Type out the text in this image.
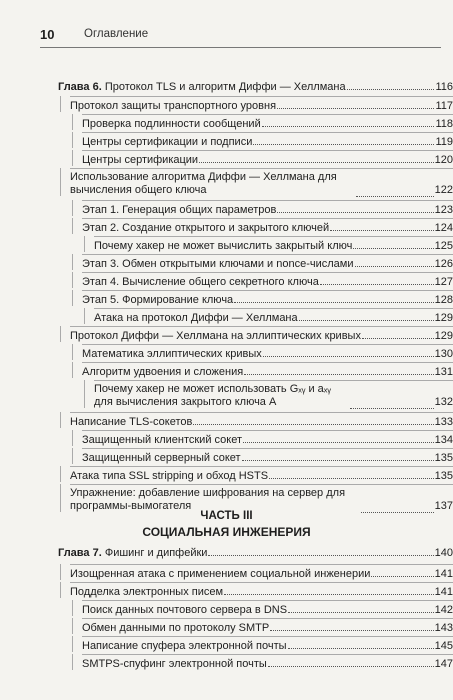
10	Оглавление
Глава 6. Протокол TLS и алгоритм Диффи — Хеллмана	116
Протокол защиты транспортного уровня	117
Проверка подлинности сообщений	118
Центры сертификации и подписи	119
Центры сертификации	120
Использование алгоритма Диффи — Хеллмана для вычисления общего ключа	122
Этап 1. Генерация общих параметров	123
Этап 2. Создание открытого и закрытого ключей	124
Почему хакер не может вычислить закрытый ключ	125
Этап 3. Обмен открытыми ключами и nonce-числами	126
Этап 4. Вычисление общего секретного ключа	127
Этап 5. Формирование ключа	128
Атака на протокол Диффи — Хеллмана	129
Протокол Диффи — Хеллмана на эллиптических кривых	129
Математика эллиптических кривых	130
Алгоритм удвоения и сложения	131
Почему хакер не может использовать Gₓᵧ и aₓᵧ для вычисления закрытого ключа A	132
Написание TLS-сокетов	133
Защищенный клиентский сокет	134
Защищенный серверный сокет	135
Атака типа SSL stripping и обход HSTS	135
Упражнение: добавление шифрования на сервер для программы-вымогателя	137
ЧАСТЬ III
СОЦИАЛЬНАЯ ИНЖЕНЕРИЯ
Глава 7. Фишинг и дипфейки	140
Изощренная атака с применением социальной инженерии	141
Подделка электронных писем	141
Поиск данных почтового сервера в DNS	142
Обмен данными по протоколу SMTP	143
Написание спуфера электронной почты	145
SMTPS-спуфинг электронной почты	147
